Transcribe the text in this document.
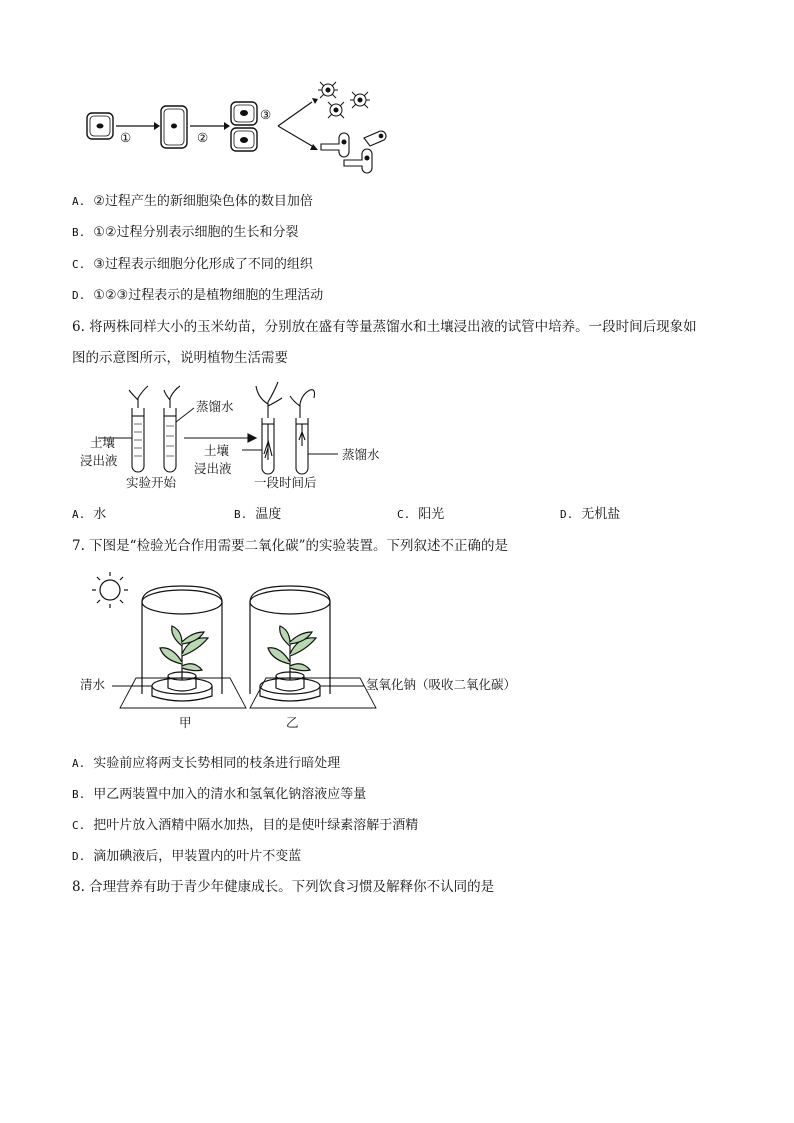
①	②
③
A. ②过程产生的新细胞染色体的数目加倍
B. ①②过程分别表示细胞的生长和分裂
C. ③过程表示细胞分化形成了不同的组织
D. ①②③过程表示的是植物细胞的生理活动
6. 将两株同样大小的玉米幼苗，分别放在盛有等量蒸馏水和土壤浸出液的试管中培养。一段时间后现象如
图的示意图所示，说明植物生活需要
蒸馏水
土壤
浸出液
实验开始
土壤
浸出液
一段时间后
蒸馏水
A. 水	B. 温度	C. 阳光	D. 无机盐
7. 下图是“检验光合作用需要二氧化碳”的实验装置。下列叙述不正确的是
清水	氢氧化钠（吸收二氧化碳）
甲	乙
A. 实验前应将两支长势相同的枝条进行暗处理
B. 甲乙两装置中加入的清水和氢氧化钠溶液应等量
C. 把叶片放入酒精中隔水加热，目的是使叶绿素溶解于酒精
D. 滴加碘液后，甲装置内的叶片不变蓝
8. 合理营养有助于青少年健康成长。下列饮食习惯及解释你不认同的是
